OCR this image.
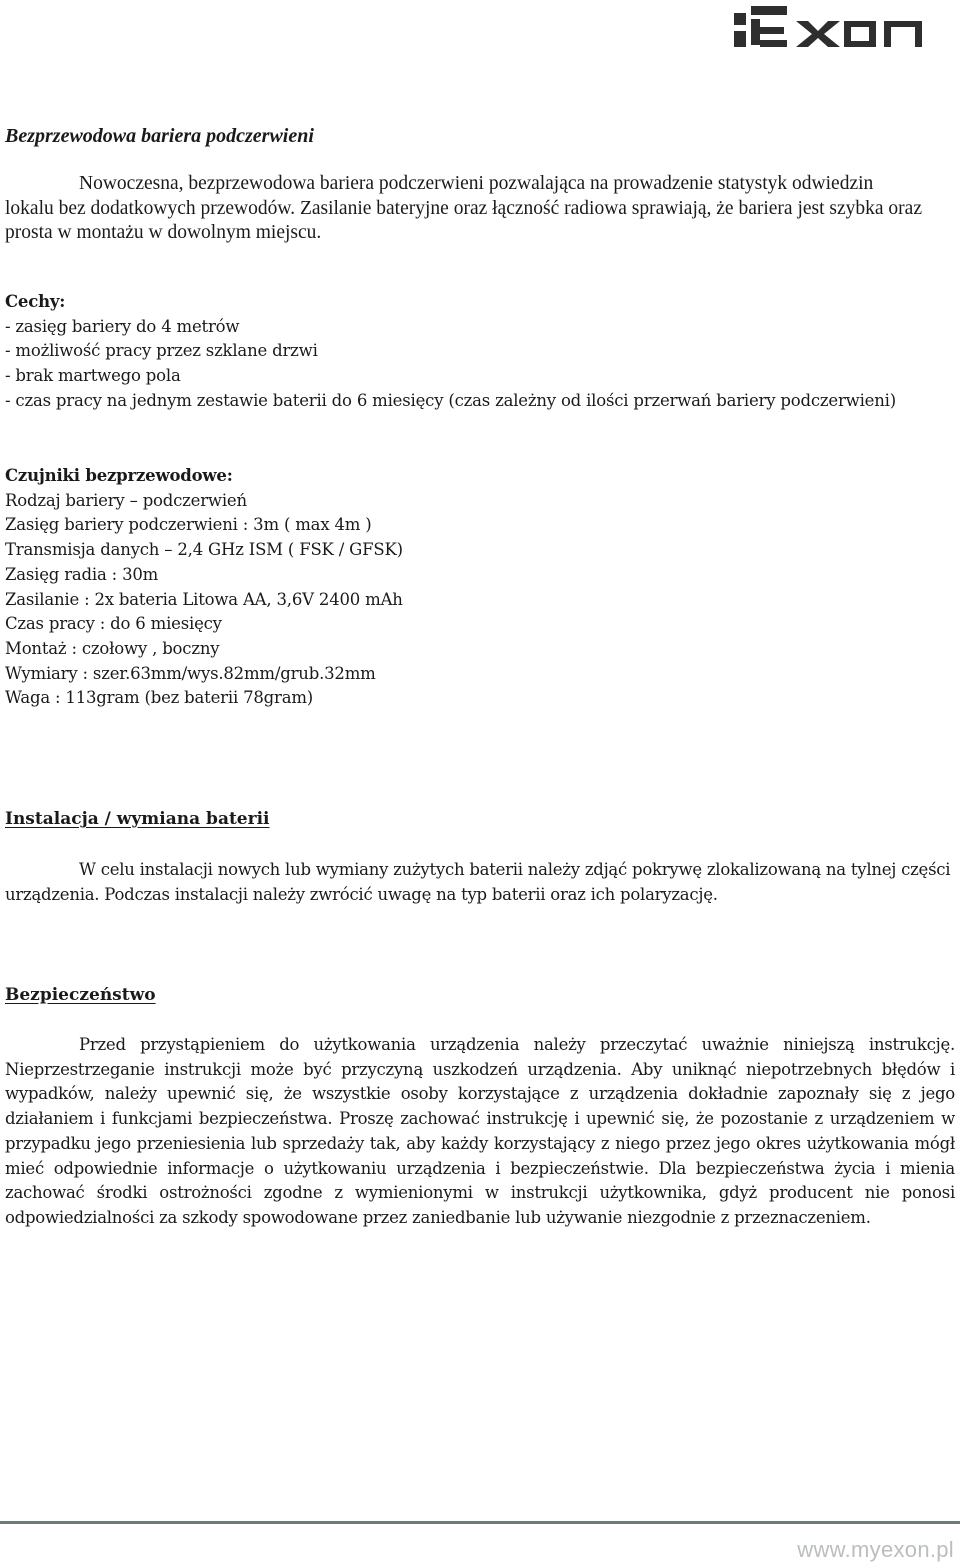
Bezprzewodowa bariera podczerwieni

Nowoczesna, bezprzewodowa bariera podczerwieni pozwalająca na prowadzenie statystyk odwiedzin lokalu bez dodatkowych przewodów. Zasilanie bateryjne oraz łączność radiowa sprawiają, że bariera jest szybka oraz prosta w montażu w dowolnym miejscu.

Cechy:
- zasięg bariery do 4 metrów
- możliwość pracy przez szklane drzwi
- brak martwego pola
- czas pracy na jednym zestawie baterii do 6 miesięcy (czas zależny od ilości przerwań bariery podczerwieni)
Czujniki bezprzewodowe:
Rodzaj bariery – podczerwień
Zasięg bariery podczerwieni : 3m ( max 4m )
Transmisja danych – 2,4 GHz ISM ( FSK / GFSK)
Zasięg radia : 30m
Zasilanie : 2x bateria Litowa AA, 3,6V 2400 mAh
Czas pracy : do 6 miesięcy
Montaż : czołowy , boczny
Wymiary : szer.63mm/wys.82mm/grub.32mm
Waga : 113gram (bez baterii 78gram)
Instalacja / wymiana baterii

W celu instalacji nowych lub wymiany zużytych baterii należy zdjąć pokrywę zlokalizowaną na tylnej części urządzenia. Podczas instalacji należy zwrócić uwagę na typ baterii oraz ich polaryzację.

Bezpieczeństwo

Przed przystąpieniem do użytkowania urządzenia należy przeczytać uważnie niniejszą instrukcję. Nieprzestrzeganie instrukcji może być przyczyną uszkodzeń urządzenia. Aby uniknąć niepotrzebnych błędów i wypadków, należy upewnić się, że wszystkie osoby korzystające z urządzenia dokładnie zapoznały się z jego działaniem i funkcjami bezpieczeństwa. Proszę zachować instrukcję i upewnić się, że pozostanie z urządzeniem w przypadku jego przeniesienia lub sprzedaży tak, aby każdy korzystający z niego przez jego okres użytkowania mógł mieć odpowiednie informacje o użytkowaniu urządzenia i bezpieczeństwie. Dla bezpieczeństwa życia i mienia zachować środki ostrożności zgodne z wymienionymi w instrukcji użytkownika, gdyż producent nie ponosi odpowiedzialności za szkody spowodowane przez zaniedbanie lub używanie niezgodnie z przeznaczeniem.

www.myexon.pl
